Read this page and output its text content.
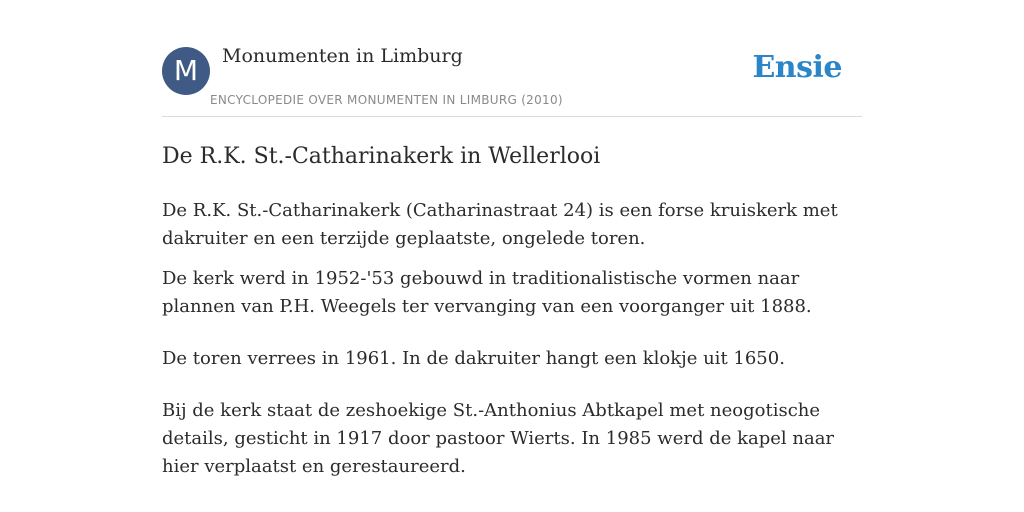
M	Monumenten in Limburg
ENCYCLOPEDIE OVER MONUMENTEN IN LIMBURG (2010)
Ensie
De R.K. St.-Catharinakerk in Wellerlooi

De R.K. St.-Catharinakerk (Catharinastraat 24) is een forse kruiskerk met dakruiter en een terzijde geplaatste, ongelede toren.

De kerk werd in 1952-'53 gebouwd in traditionalistische vormen naar plannen van P.H. Weegels ter vervanging van een voorganger uit 1888.

De toren verrees in 1961. In de dakruiter hangt een klokje uit 1650.

Bij de kerk staat de zeshoekige St.-Anthonius Abtkapel met neogotische details, gesticht in 1917 door pastoor Wierts. In 1985 werd de kapel naar hier verplaatst en gerestaureerd.
